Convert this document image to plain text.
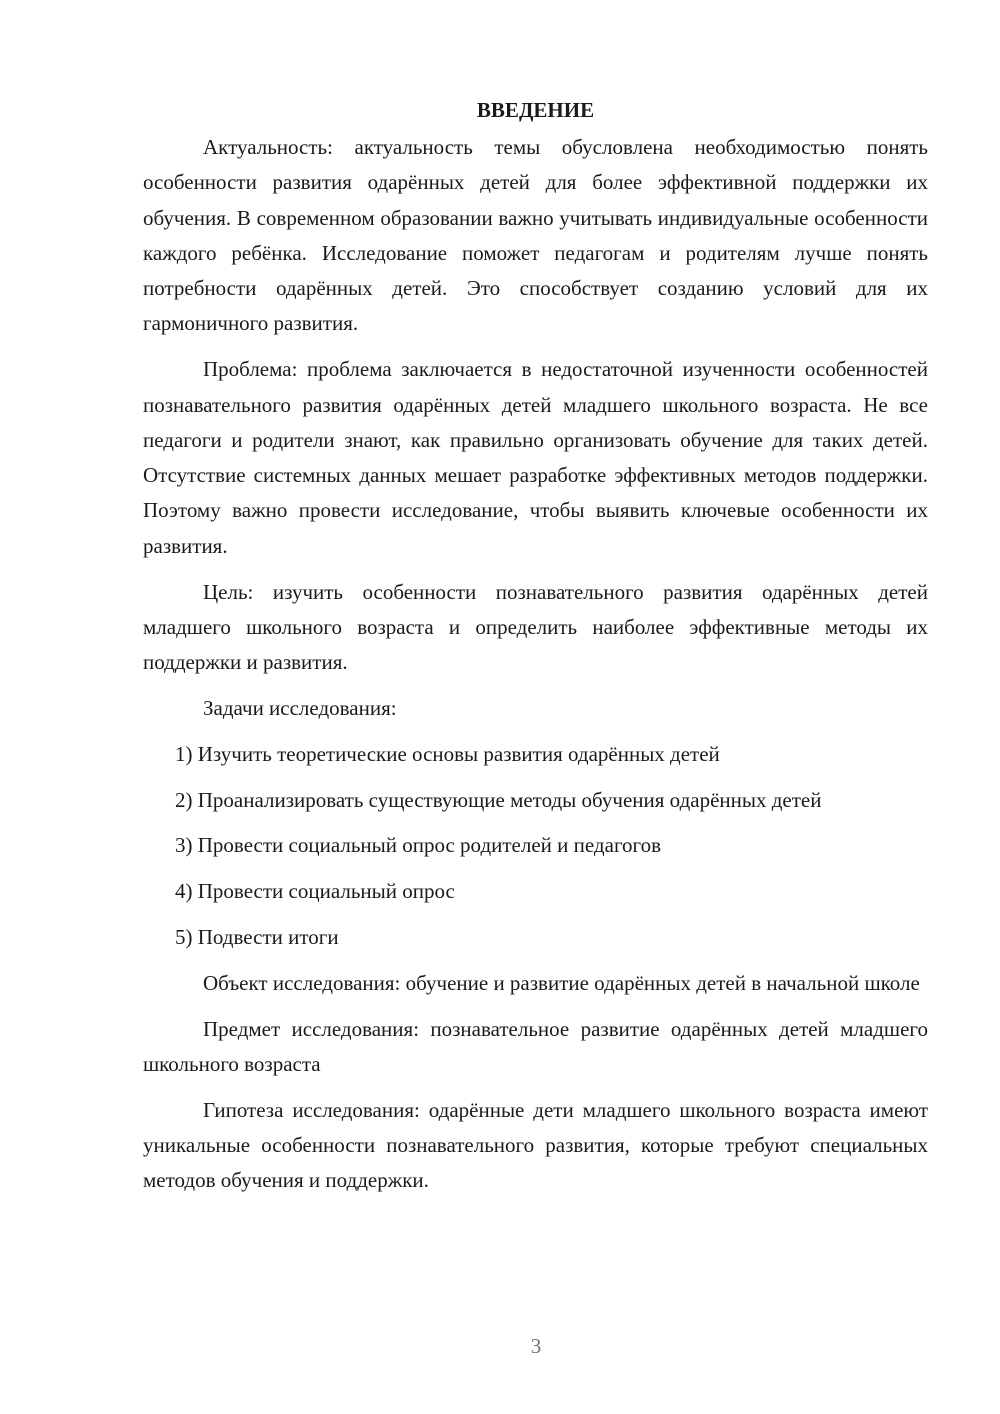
ВВЕДЕНИЕ

Актуальность: актуальность темы обусловлена необходимостью понять особенности развития одарённых детей для более эффективной поддержки их обучения. В современном образовании важно учитывать индивидуальные особенности каждого ребёнка. Исследование поможет педагогам и родителям лучше понять потребности одарённых детей. Это способствует созданию условий для их гармоничного развития.

Проблема: проблема заключается в недостаточной изученности особенностей познавательного развития одарённых детей младшего школьного возраста. Не все педагоги и родители знают, как правильно организовать обучение для таких детей. Отсутствие системных данных мешает разработке эффективных методов поддержки. Поэтому важно провести исследование, чтобы выявить ключевые особенности их развития.

Цель: изучить особенности познавательного развития одарённых детей младшего школьного возраста и определить наиболее эффективные методы их поддержки и развития.

Задачи исследования:

1) Изучить теоретические основы развития одарённых детей

2) Проанализировать существующие методы обучения одарённых детей

3) Провести социальный опрос родителей и педагогов

4) Провести социальный опрос

5) Подвести итоги

Объект исследования: обучение и развитие одарённых детей в начальной школе

Предмет исследования: познавательное развитие одарённых детей младшего школьного возраста

Гипотеза исследования: одарённые дети младшего школьного возраста имеют уникальные особенности познавательного развития, которые требуют специальных методов обучения и поддержки.

3
